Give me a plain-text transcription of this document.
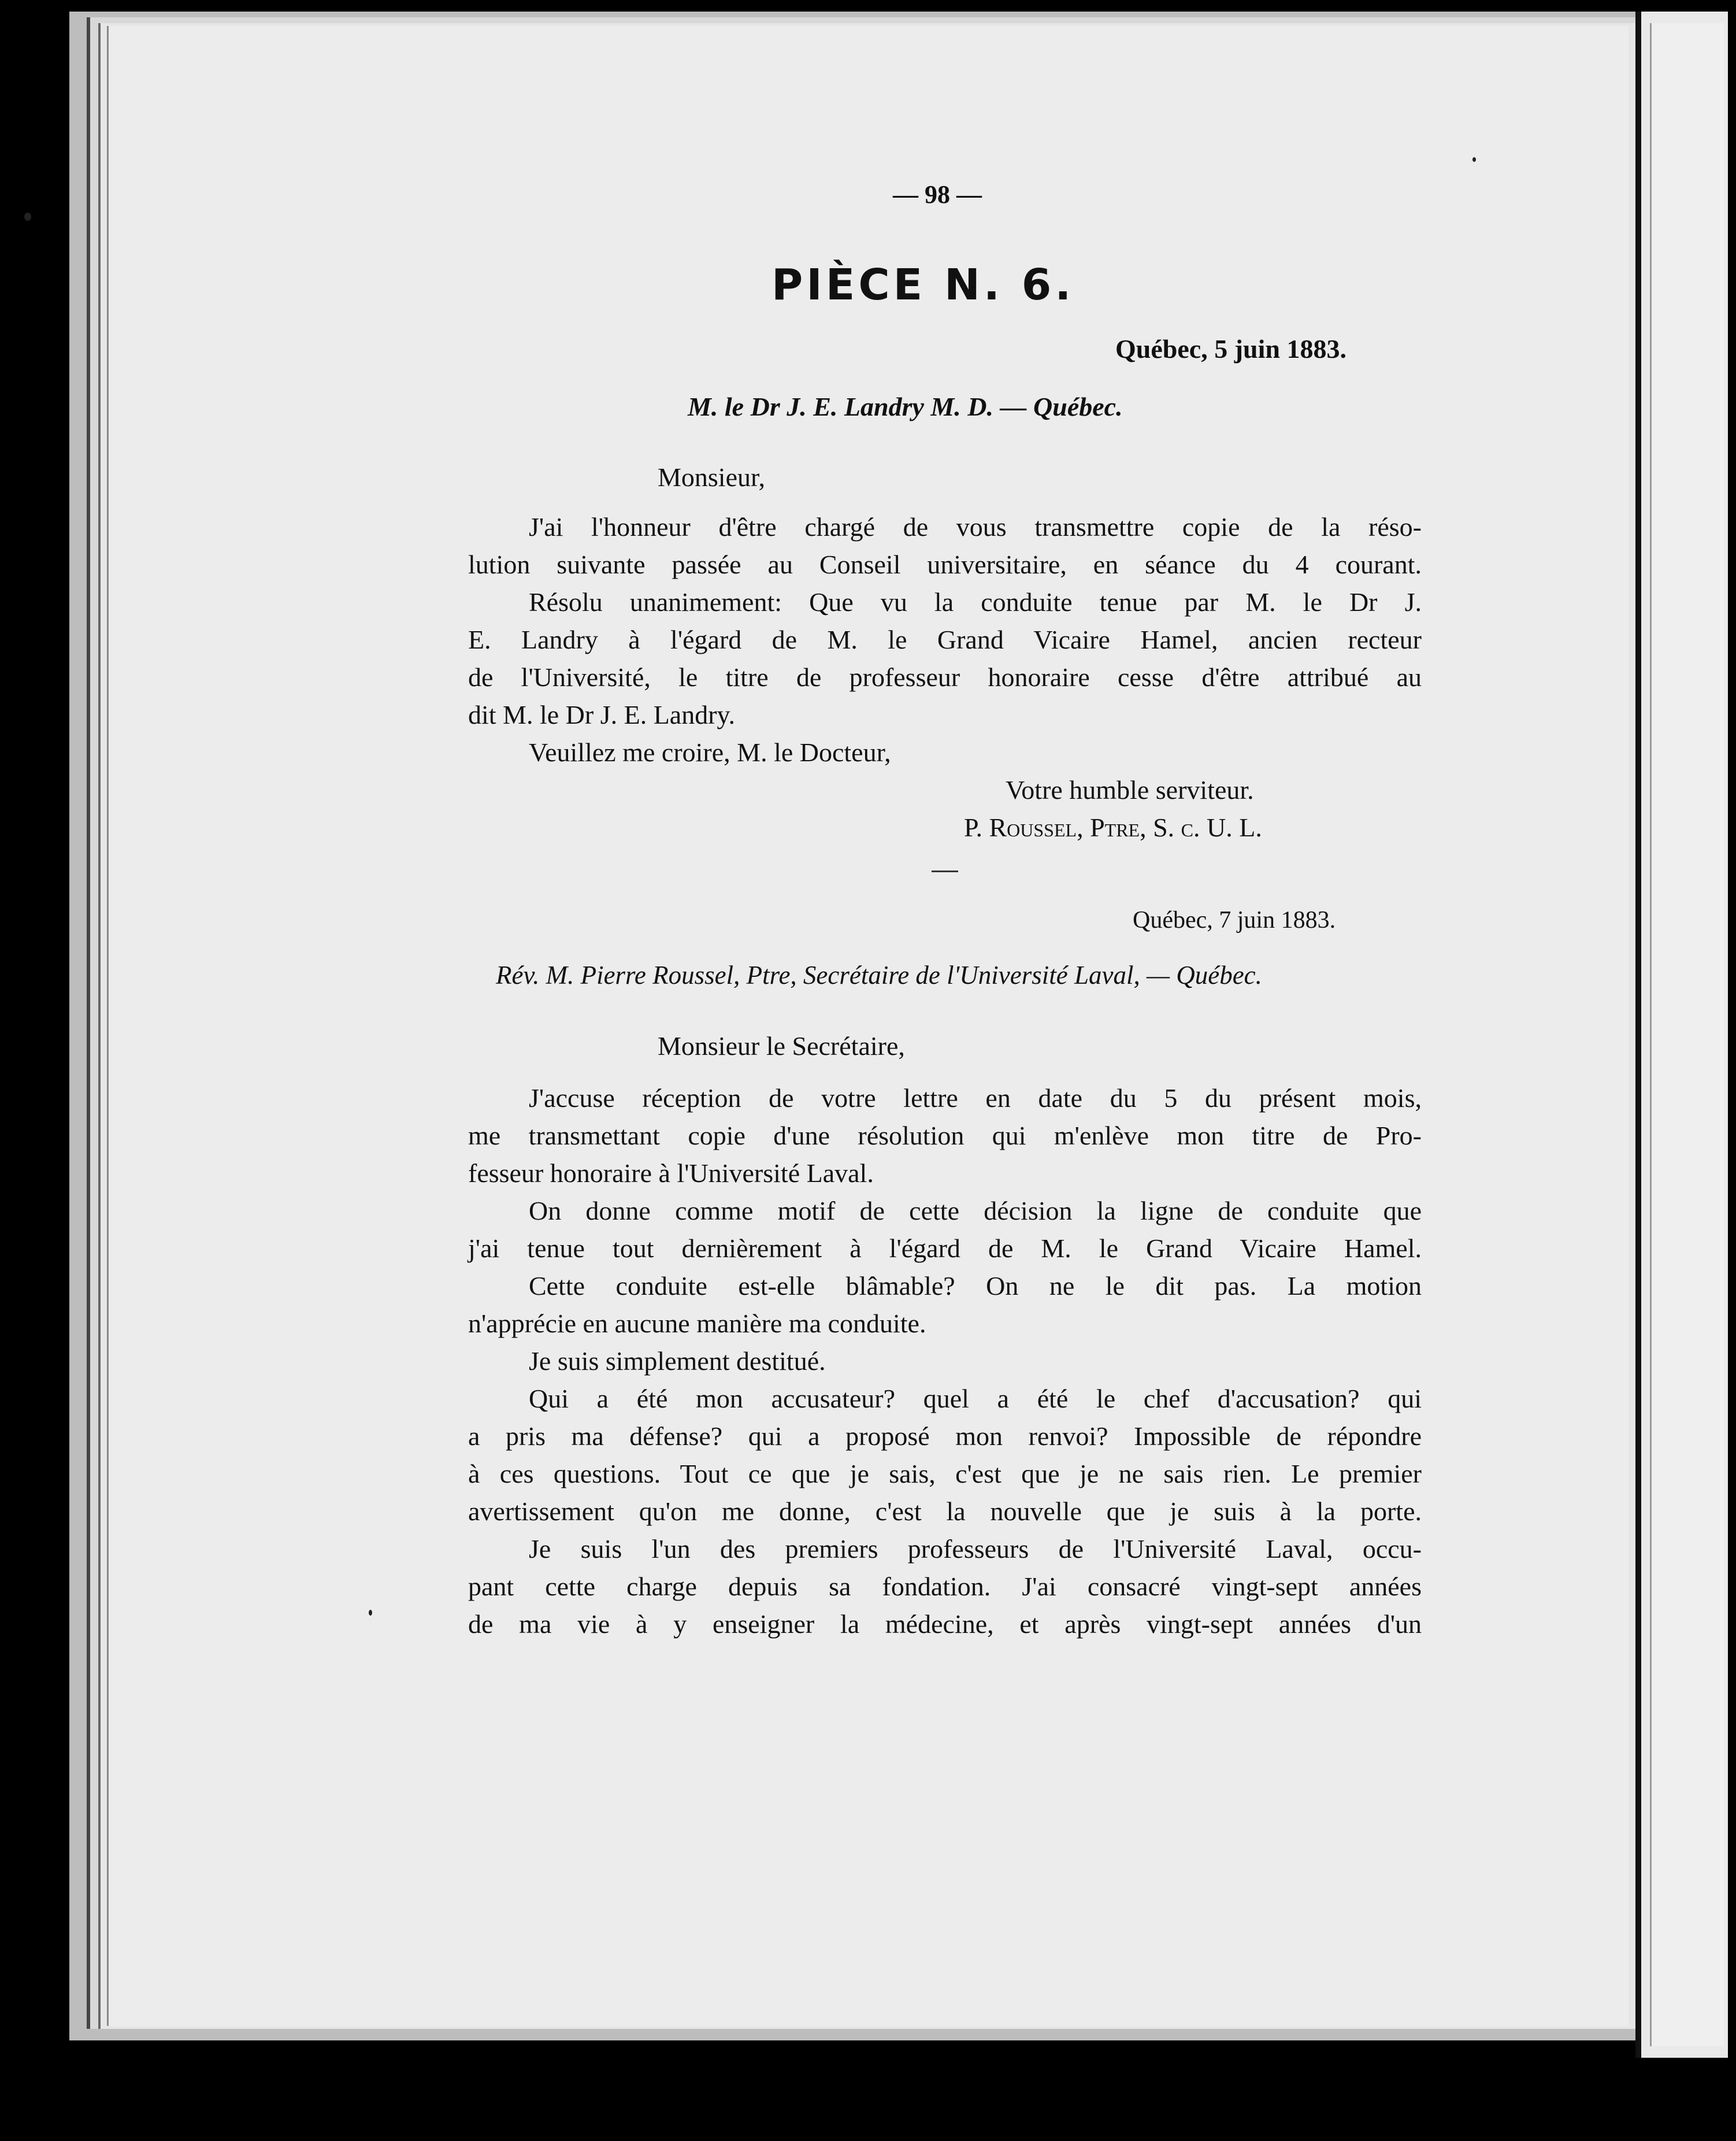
— 98 —
PIÈCE N. 6.
Québec, 5 juin 1883.
M. le Dr J. E. Landry M. D. — Québec.
Monsieur,
J'ai l'honneur d'être chargé de vous transmettre copie de la réso-
lution suivante passée au Conseil universitaire, en séance du 4 courant.
Résolu unanimement: Que vu la conduite tenue par M. le Dr J.
E. Landry à l'égard de M. le Grand Vicaire Hamel, ancien recteur
de l'Université, le titre de professeur honoraire cesse d'être attribué au
dit M. le Dr J. E. Landry.
Veuillez me croire, M. le Docteur,
Votre humble serviteur.
P. Roussel, Ptre, S. c. U. L.
Québec, 7 juin 1883.
Rév. M. Pierre Roussel, Ptre, Secrétaire de l'Université Laval, — Québec.
Monsieur le Secrétaire,
J'accuse réception de votre lettre en date du 5 du présent mois,
me transmettant copie d'une résolution qui m'enlève mon titre de Pro-
fesseur honoraire à l'Université Laval.
On donne comme motif de cette décision la ligne de conduite que
j'ai tenue tout dernièrement à l'égard de M. le Grand Vicaire Hamel.
Cette conduite est-elle blâmable? On ne le dit pas. La motion
n'apprécie en aucune manière ma conduite.
Je suis simplement destitué.
Qui a été mon accusateur? quel a été le chef d'accusation? qui
a pris ma défense? qui a proposé mon renvoi? Impossible de répondre
à ces questions. Tout ce que je sais, c'est que je ne sais rien. Le premier
avertissement qu'on me donne, c'est la nouvelle que je suis à la porte.
Je suis l'un des premiers professeurs de l'Université Laval, occu-
pant cette charge depuis sa fondation. J'ai consacré vingt-sept années
de ma vie à y enseigner la médecine, et après vingt-sept années d'un
